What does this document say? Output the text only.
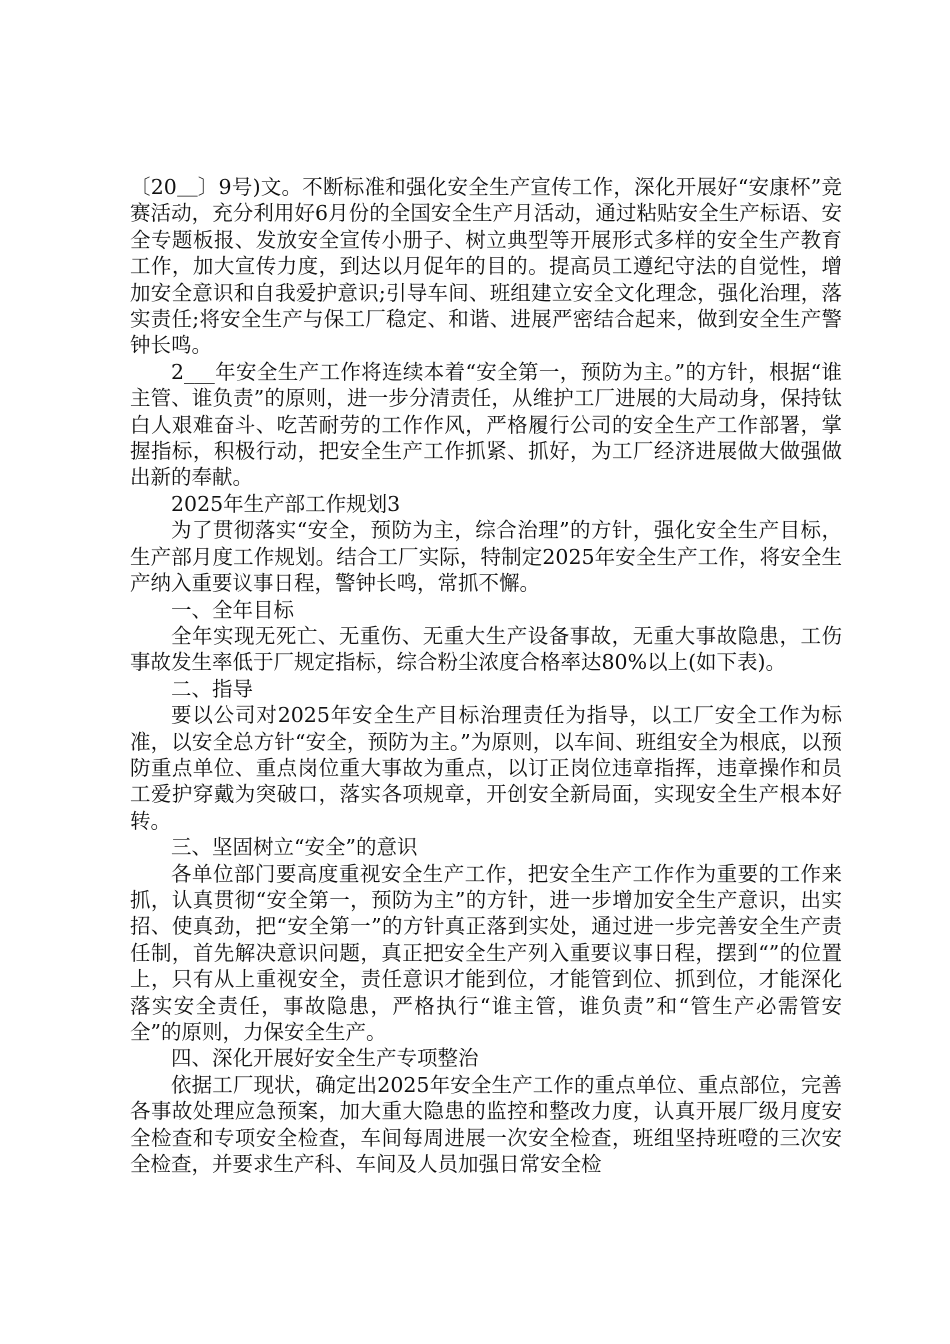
〔20＿〕9号)文。不断标准和强化安全生产宣传工作，深化开展好“安康杯”竞赛活动，充分利用好6月份的全国安全生产月活动，通过粘贴安全生产标语、安全专题板报、发放安全宣传小册子、树立典型等开展形式多样的安全生产教育工作，加大宣传力度，到达以月促年的目的。提高员工遵纪守法的自觉性，增加安全意识和自我爱护意识;引导车间、班组建立安全文化理念，强化治理，落实责任;将安全生产与保工厂稳定、和谐、进展严密结合起来，做到安全生产警钟长鸣。

2___年安全生产工作将连续本着“安全第一，预防为主。”的方针，根据“谁主管、谁负责”的原则，进一步分清责任，从维护工厂进展的大局动身，保持钛白人艰难奋斗、吃苦耐劳的工作作风，严格履行公司的安全生产工作部署，掌握指标，积极行动，把安全生产工作抓紧、抓好，为工厂经济进展做大做强做出新的奉献。

2025年生产部工作规划3

为了贯彻落实“安全，预防为主，综合治理”的方针，强化安全生产目标，生产部月度工作规划。结合工厂实际，特制定2025年安全生产工作，将安全生产纳入重要议事日程，警钟长鸣，常抓不懈。

一、全年目标

全年实现无死亡、无重伤、无重大生产设备事故，无重大事故隐患，工伤事故发生率低于厂规定指标，综合粉尘浓度合格率达80%以上(如下表)。

二、指导

要以公司对2025年安全生产目标治理责任为指导，以工厂安全工作为标准，以安全总方针“安全，预防为主。”为原则，以车间、班组安全为根底，以预防重点单位、重点岗位重大事故为重点，以订正岗位违章指挥，违章操作和员工爱护穿戴为突破口，落实各项规章，开创安全新局面，实现安全生产根本好转。

三、坚固树立“安全”的意识

各单位部门要高度重视安全生产工作，把安全生产工作作为重要的工作来抓，认真贯彻“安全第一，预防为主”的方针，进一步增加安全生产意识，出实招、使真劲，把“安全第一”的方针真正落到实处，通过进一步完善安全生产责任制，首先解决意识问题，真正把安全生产列入重要议事日程，摆到“”的位置上，只有从上重视安全，责任意识才能到位，才能管到位、抓到位，才能深化落实安全责任，事故隐患，严格执行“谁主管，谁负责”和“管生产必需管安全”的原则，力保安全生产。

四、深化开展好安全生产专项整治

依据工厂现状，确定出2025年安全生产工作的重点单位、重点部位，完善各事故处理应急预案，加大重大隐患的监控和整改力度，认真开展厂级月度安全检查和专项安全检查，车间每周进展一次安全检查，班组坚持班噔的三次安全检查，并要求生产科、车间及人员加强日常安全检
